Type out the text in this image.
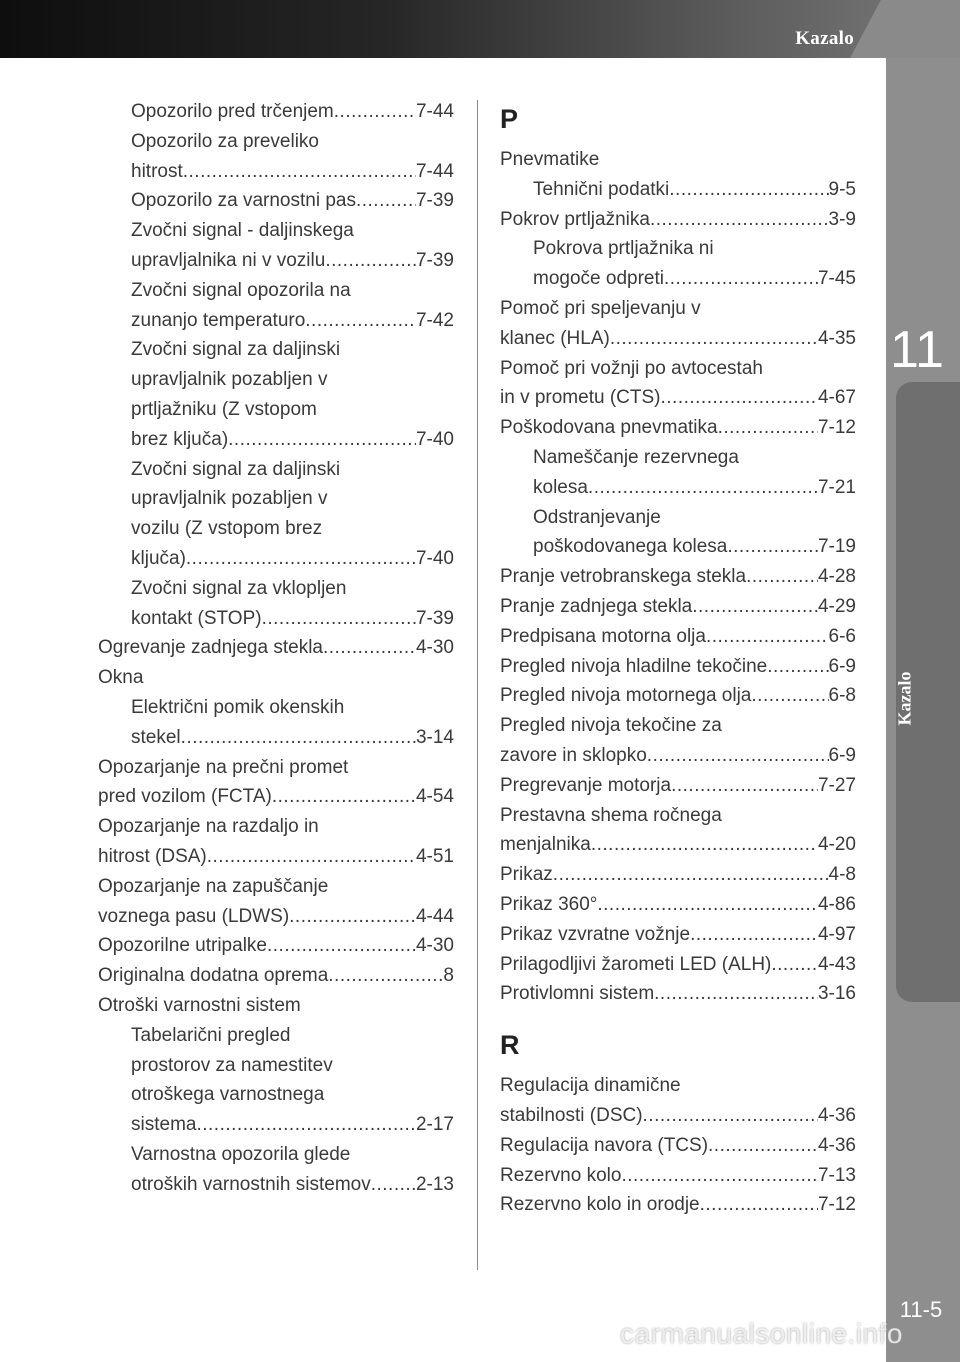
Kazalo
11
Kazalo
Opozorilo pred trčenjem .....	7-44
Opozorilo za preveliko
hitrost .....	7-44
Opozorilo za varnostni pas .....	7-39
Zvočni signal - daljinskega
upravljalnika ni v vozilu .....	7-39
Zvočni signal opozorila na
zunanjo temperaturo .....	7-42
Zvočni signal za daljinski
upravljalnik pozabljen v
prtljažniku (Z vstopom
brez ključa) .....	7-40
Zvočni signal za daljinski
upravljalnik pozabljen v
vozilu (Z vstopom brez
ključa) .....	7-40
Zvočni signal za vklopljen
kontakt (STOP) .....	7-39
Ogrevanje zadnjega stekla .....	4-30
Okna
Električni pomik okenskih
stekel .....	3-14
Opozarjanje na prečni promet
pred vozilom (FCTA) .....	4-54
Opozarjanje na razdaljo in
hitrost (DSA) .....	4-51
Opozarjanje na zapuščanje
voznega pasu (LDWS) .....	4-44
Opozorilne utripalke .....	4-30
Originalna dodatna oprema .....	8
Otroški varnostni sistem
Tabelarični pregled
prostorov za namestitev
otroškega varnostnega
sistema .....	2-17
Varnostna opozorila glede
otroških varnostnih sistemov ..... 2-13
P
Pnevmatike
Tehnični podatki .....	9-5
Pokrov prtljažnika .....	3-9
Pokrova prtljažnika ni
mogoče odpreti .....	7-45
Pomoč pri speljevanju v
klanec (HLA) .....	4-35
Pomoč pri vožnji po avtocestah
in v prometu (CTS) .....	4-67
Poškodovana pnevmatika .....	7-12
Nameščanje rezervnega
kolesa .....	7-21
Odstranjevanje
poškodovanega kolesa .....	7-19
Pranje vetrobranskega stekla .....	4-28
Pranje zadnjega stekla .....	4-29
Predpisana motorna olja .....	6-6
Pregled nivoja hladilne tekočine .....	6-9
Pregled nivoja motornega olja .....	6-8
Pregled nivoja tekočine za
zavore in sklopko .....	6-9
Pregrevanje motorja .....	7-27
Prestavna shema ročnega
menjalnika .....	4-20
Prikaz .....	4-8
Prikaz 360° .....	4-86
Prikaz vzvratne vožnje .....	4-97
Prilagodljivi žarometi LED (ALH) ..... 4-43
Protivlomni sistem .....	3-16
R
Regulacija dinamične
stabilnosti (DSC) .....	4-36
Regulacija navora (TCS) .....	4-36
Rezervno kolo .....	7-13
Rezervno kolo in orodje .....	7-12
11-5
carmanualsonline.info
